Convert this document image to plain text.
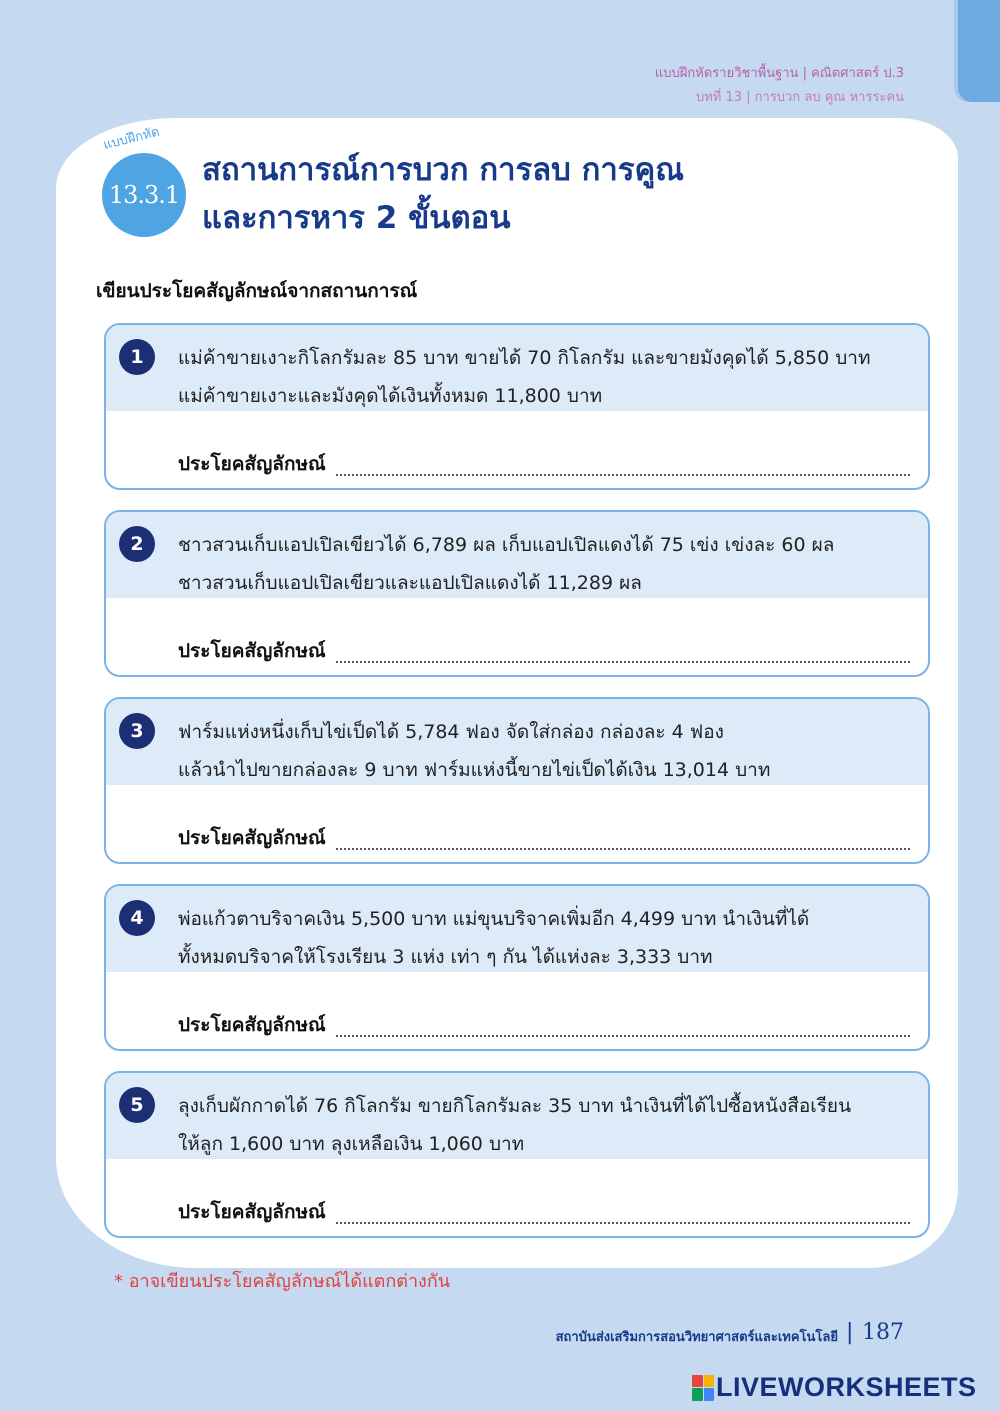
แบบฝึกหัดรายวิชาพื้นฐาน | คณิตศาสตร์ ป.3
บทที่ 13 | การบวก ลบ คูณ หารระคน
แบบฝึกหัด
13.3.1
สถานการณ์การบวก การลบ การคูณ
และการหาร 2 ขั้นตอน
เขียนประโยคสัญลักษณ์จากสถานการณ์
1	แม่ค้าขายเงาะกิโลกรัมละ 85 บาท ขายได้ 70 กิโลกรัม และขายมังคุดได้ 5,850 บาท
แม่ค้าขายเงาะและมังคุดได้เงินทั้งหมด 11,800 บาท
ประโยคสัญลักษณ์
2	ชาวสวนเก็บแอปเปิลเขียวได้ 6,789 ผล เก็บแอปเปิลแดงได้ 75 เข่ง เข่งละ 60 ผล
ชาวสวนเก็บแอปเปิลเขียวและแอปเปิลแดงได้ 11,289 ผล
ประโยคสัญลักษณ์
3	ฟาร์มแห่งหนึ่งเก็บไข่เป็ดได้ 5,784 ฟอง จัดใส่กล่อง กล่องละ 4 ฟอง
แล้วนำไปขายกล่องละ 9 บาท ฟาร์มแห่งนี้ขายไข่เป็ดได้เงิน 13,014 บาท
ประโยคสัญลักษณ์
4	พ่อแก้วตาบริจาคเงิน 5,500 บาท แม่ขุนบริจาคเพิ่มอีก 4,499 บาท นำเงินที่ได้
ทั้งหมดบริจาคให้โรงเรียน 3 แห่ง เท่า ๆ กัน ได้แห่งละ 3,333 บาท
ประโยคสัญลักษณ์
5	ลุงเก็บผักกาดได้ 76 กิโลกรัม ขายกิโลกรัมละ 35 บาท นำเงินที่ได้ไปซื้อหนังสือเรียน
ให้ลูก 1,600 บาท ลุงเหลือเงิน 1,060 บาท
ประโยคสัญลักษณ์
* อาจเขียนประโยคสัญลักษณ์ได้แตกต่างกัน
สถาบันส่งเสริมการสอนวิทยาศาสตร์และเทคโนโลยี | 187
LIVEWORKSHEETS
